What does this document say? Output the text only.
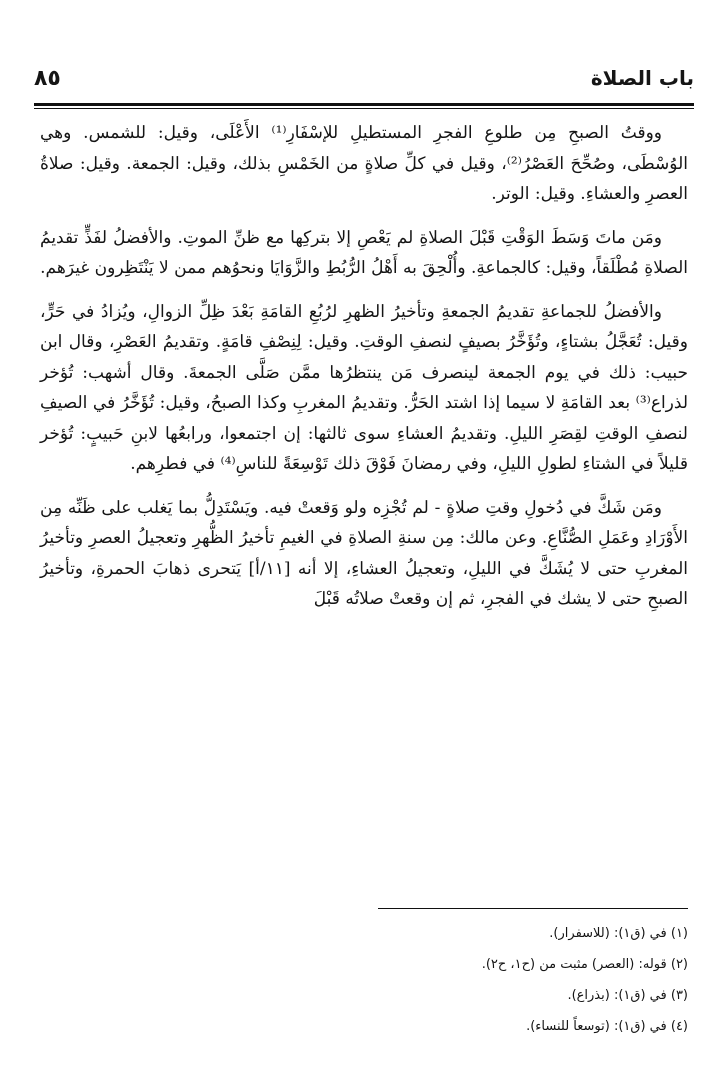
باب الصلاة
٨٥

ووقتُ الصبحِ مِن طلوعِ الفجرِ المستطيلِ للإسْفَارِ⁽¹⁾ الأَعْلَى، وقيل: للشمس. وهي الوُسْطَى، وصُحِّحَ العَصْرُ⁽²⁾، وقيل في كلِّ صلاةٍ من الخَمْسِ بذلك، وقيل: الجمعة. وقيل: صلاةُ العصرِ والعشاءِ. وقيل: الوتر.

ومَن ماتَ وَسَطَ الوَقْتِ قَبْلَ الصلاةِ لم يَعْصِ إلا بتركِها مع ظنِّ الموتِ. والأفضلُ لفَذٍّ تقديمُ الصلاةِ مُطْلَقاً، وقيل: كالجماعةِ. وأُلْحِقَ به أَهْلُ الرُّبُطِ والزَّوَايَا ونحوُهم ممن لا يَنْتَظِرون غيرَهم.

والأفضلُ للجماعةِ تقديمُ الجمعةِ وتأخيرُ الظهرِ لرُبُعِ القامَةِ بَعْدَ ظِلِّ الزوالِ، ويُزادُ في حَرٍّ، وقيل: تُعَجَّلُ بشتاءٍ، وتُؤَخَّرُ بصيفٍ لنصفِ الوقتِ. وقيل: لِنِصْفِ قامَةٍ. وتقديمُ العَصْرِ، وقال ابن حبيب: ذلك في يوم الجمعة لينصرف مَن ينتظرُها ممَّن صَلَّى الجمعةَ. وقال أشهب: تُؤخر لذراع⁽³⁾ بعد القامَةِ لا سيما إذا اشتد الحَرُّ. وتقديمُ المغربِ وكذا الصبحُ، وقيل: تُؤَخَّرُ في الصيفِ لنصفِ الوقتِ لقِصَرِ الليلِ. وتقديمُ العشاءِ سوى ثالثها: إن اجتمعوا، ورابعُها لابنِ حَبيبٍ: تُؤخر قليلاً في الشتاءِ لطولِ الليلِ، وفي رمضانَ فَوْقَ ذلك تَوْسِعَةً للناسِ⁽⁴⁾ في فطرِهم.

ومَن شَكَّ في دُخولِ وقتِ صلاةٍ - لم تُجْزِه ولو وَقعتْ فيه. ويَسْتَدِلُّ بما يَغلب على ظَنِّه مِن الأَوْرَادِ وعَمَلِ الصُّنَّاعِ. وعن مالك: مِن سنةِ الصلاةِ في الغيمِ تأخيرُ الظُّهرِ وتعجيلُ العصرِ وتأخيرُ المغربِ حتى لا يُشَكَّ في الليلِ، وتعجيلُ العشاءِ، إلا أنه [١١/أ] يَتحرى ذهابَ الحمرةِ، وتأخيرُ الصبحِ حتى لا يشك في الفجرِ، ثم إن وقعتْ صلاتُه قَبْلَ

(١) في (ق١): (للاسفرار).
(٢) قوله: (العصر) مثبت من (ح١، ح٢).
(٣) في (ق١): (بذراع).
(٤) في (ق١): (توسعاً للنساء).
